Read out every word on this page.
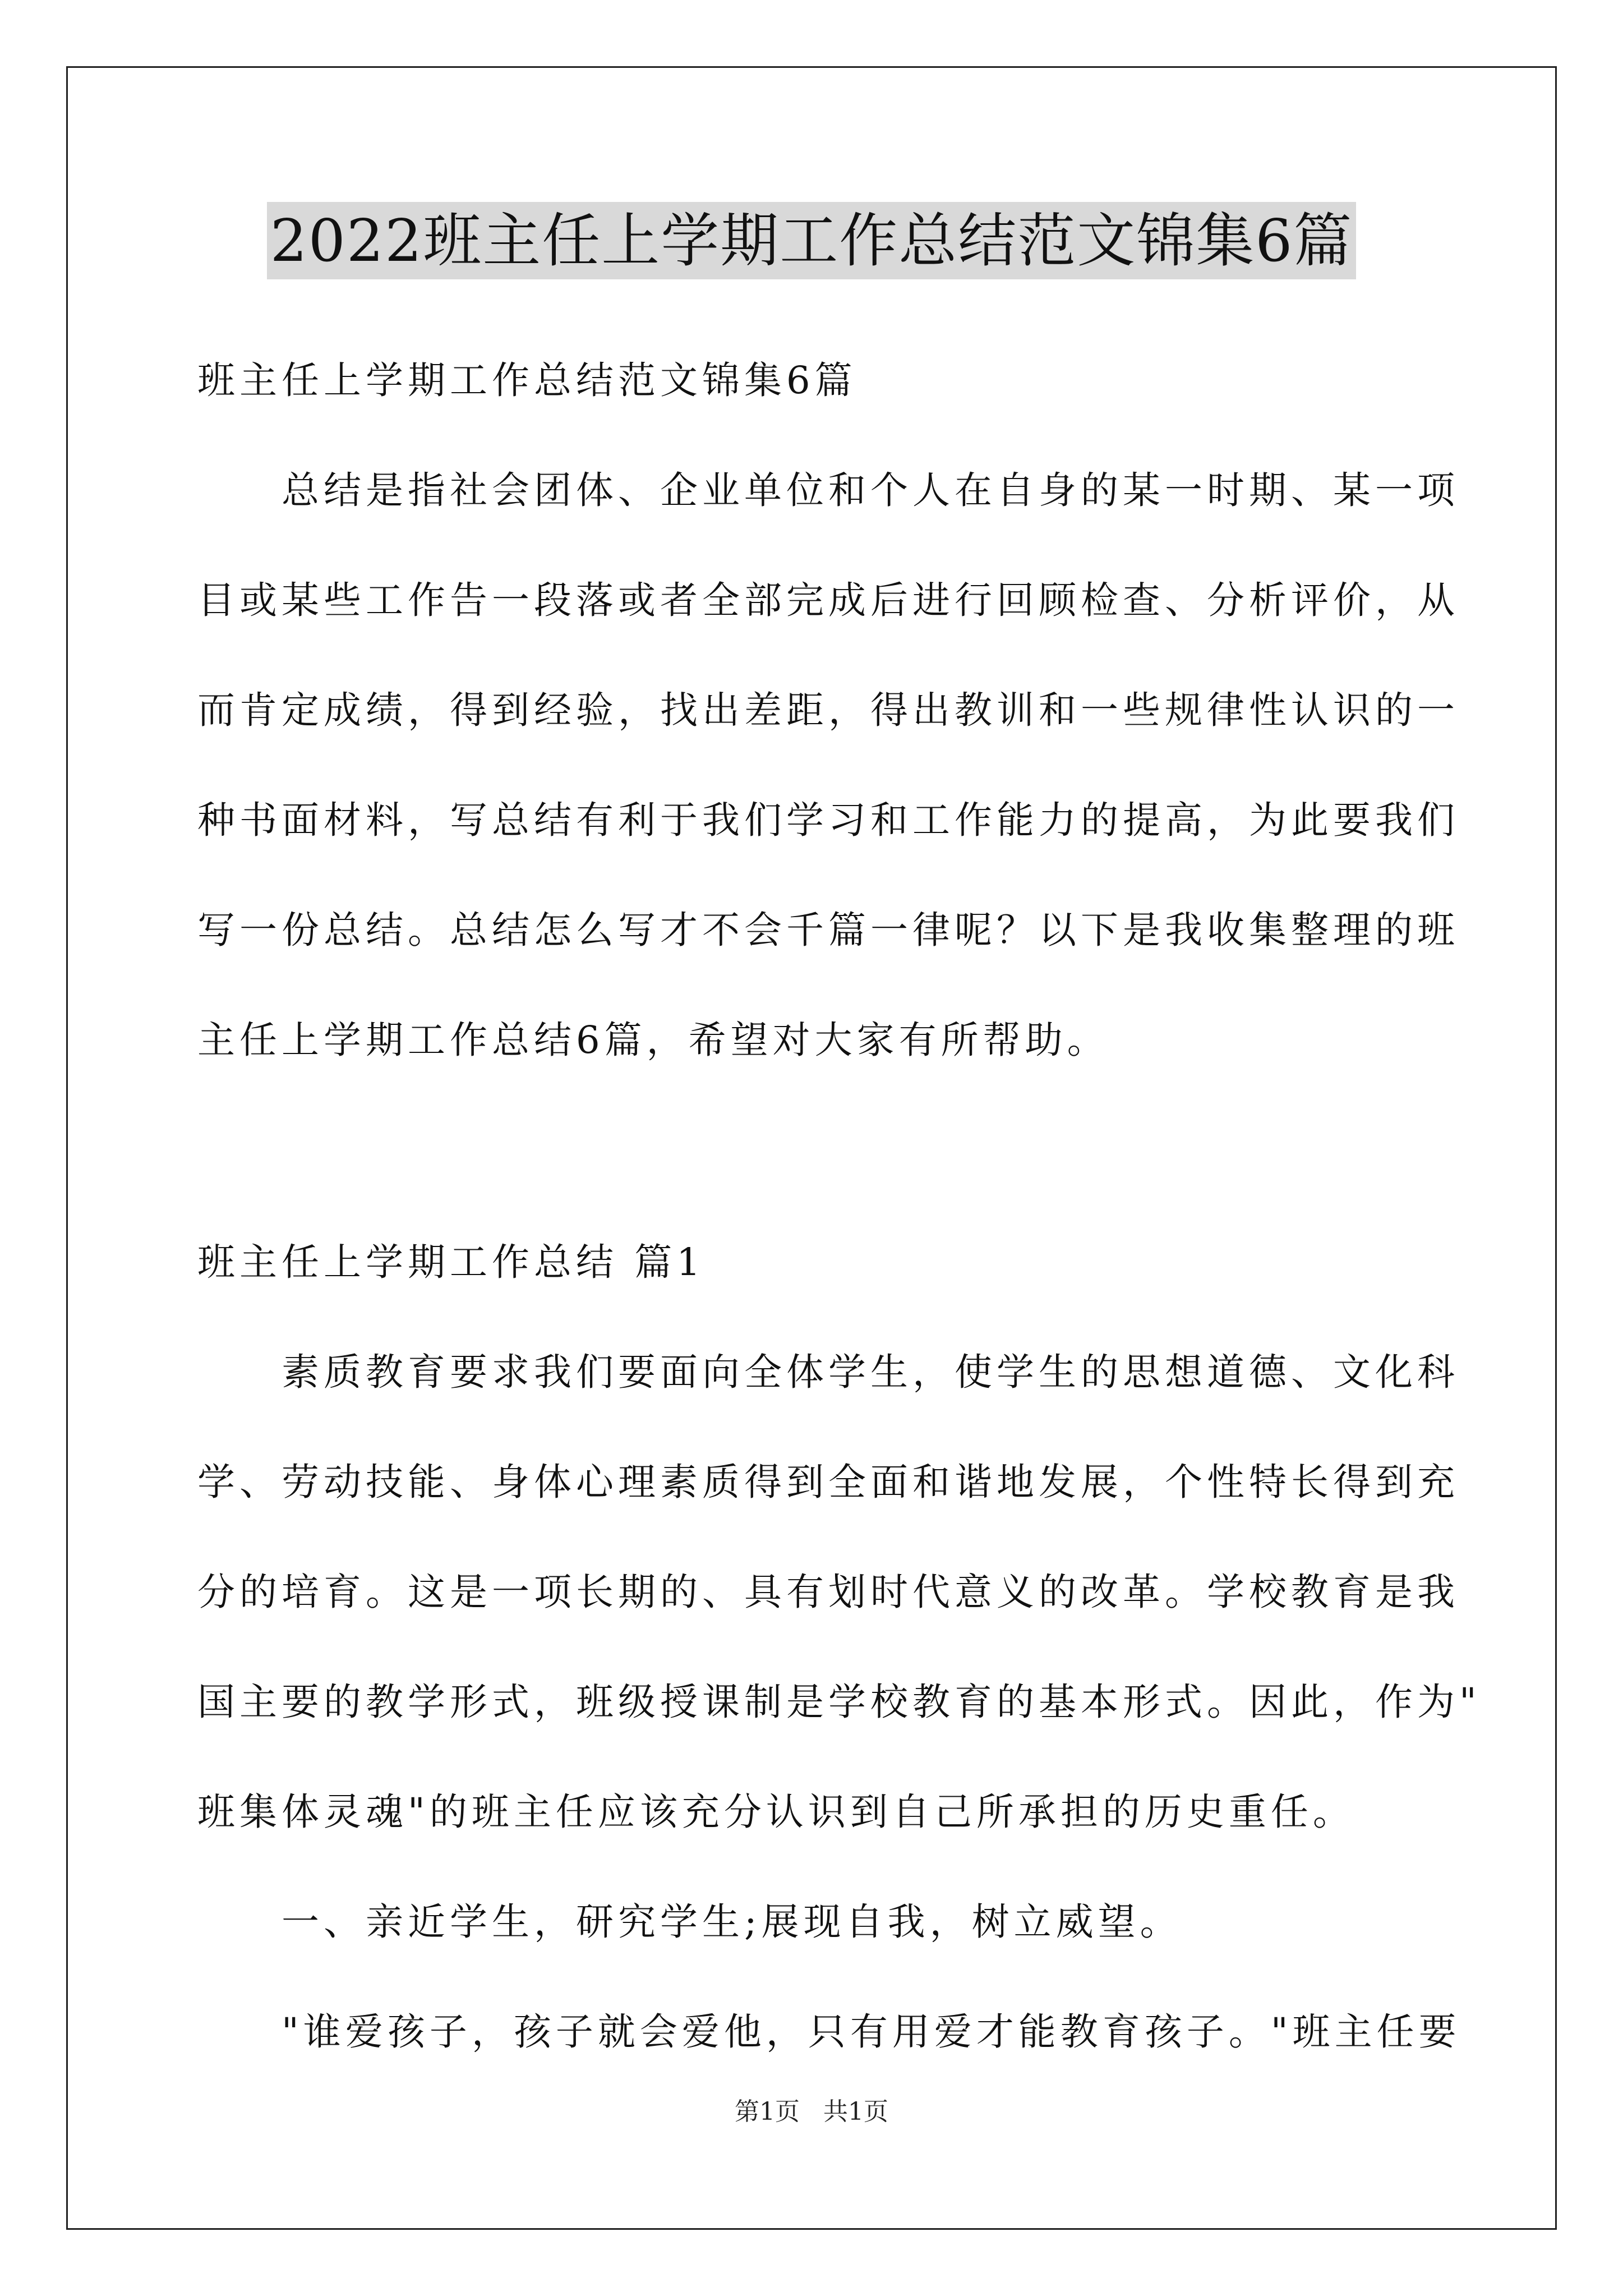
2022班主任上学期工作总结范文锦集6篇
班主任上学期工作总结范文锦集6篇
总结是指社会团体、企业单位和个人在自身的某一时期、某一项
目或某些工作告一段落或者全部完成后进行回顾检查、分析评价，从
而肯定成绩，得到经验，找出差距，得出教训和一些规律性认识的一
种书面材料，写总结有利于我们学习和工作能力的提高，为此要我们
写一份总结。总结怎么写才不会千篇一律呢？以下是我收集整理的班
主任上学期工作总结6篇，希望对大家有所帮助。
班主任上学期工作总结 篇1
素质教育要求我们要面向全体学生，使学生的思想道德、文化科
学、劳动技能、身体心理素质得到全面和谐地发展，个性特长得到充
分的培育。这是一项长期的、具有划时代意义的改革。学校教育是我
国主要的教学形式，班级授课制是学校教育的基本形式。因此，作为"
班集体灵魂"的班主任应该充分认识到自己所承担的历史重任。
一、亲近学生，研究学生;展现自我，树立威望。
"谁爱孩子，孩子就会爱他，只有用爱才能教育孩子。"班主任要
第1页 共1页
